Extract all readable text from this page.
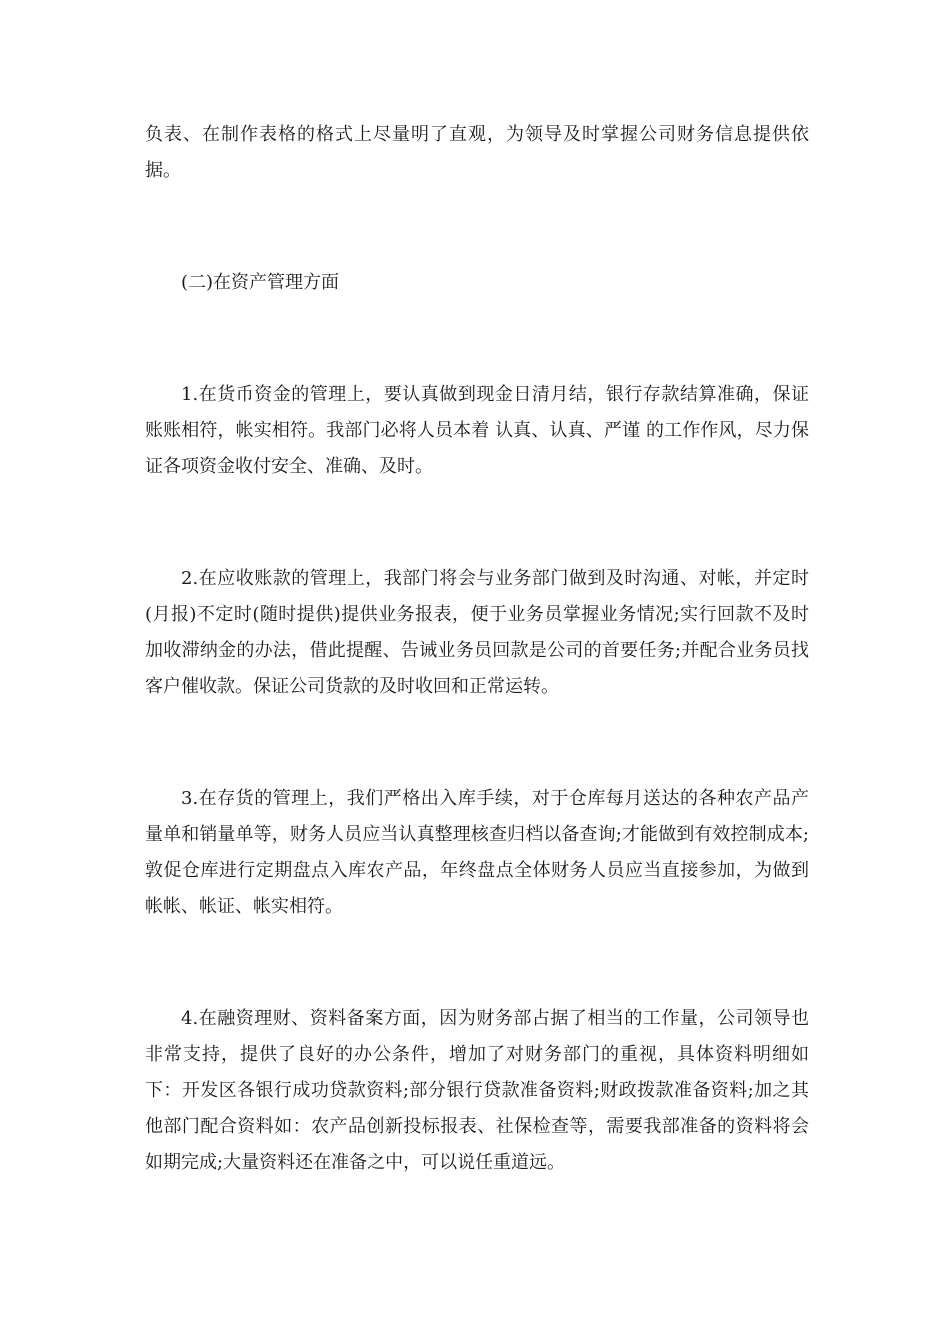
负表、在制作表格的格式上尽量明了直观，为领导及时掌握公司财务信息提供依据。

(二)在资产管理方面

1.在货币资金的管理上，要认真做到现金日清月结，银行存款结算准确，保证账账相符，帐实相符。我部门必将人员本着 认真、认真、严谨 的工作作风，尽力保证各项资金收付安全、准确、及时。

2.在应收账款的管理上，我部门将会与业务部门做到及时沟通、对帐，并定时(月报)不定时(随时提供)提供业务报表，便于业务员掌握业务情况;实行回款不及时加收滞纳金的办法，借此提醒、告诫业务员回款是公司的首要任务;并配合业务员找客户催收款。保证公司货款的及时收回和正常运转。

3.在存货的管理上，我们严格出入库手续，对于仓库每月送达的各种农产品产量单和销量单等，财务人员应当认真整理核查归档以备查询;才能做到有效控制成本;敦促仓库进行定期盘点入库农产品，年终盘点全体财务人员应当直接参加，为做到帐帐、帐证、帐实相符。

4.在融资理财、资料备案方面，因为财务部占据了相当的工作量，公司领导也非常支持，提供了良好的办公条件，增加了对财务部门的重视，具体资料明细如下：开发区各银行成功贷款资料;部分银行贷款准备资料;财政拨款准备资料;加之其他部门配合资料如：农产品创新投标报表、社保检查等，需要我部准备的资料将会如期完成;大量资料还在准备之中，可以说任重道远。
